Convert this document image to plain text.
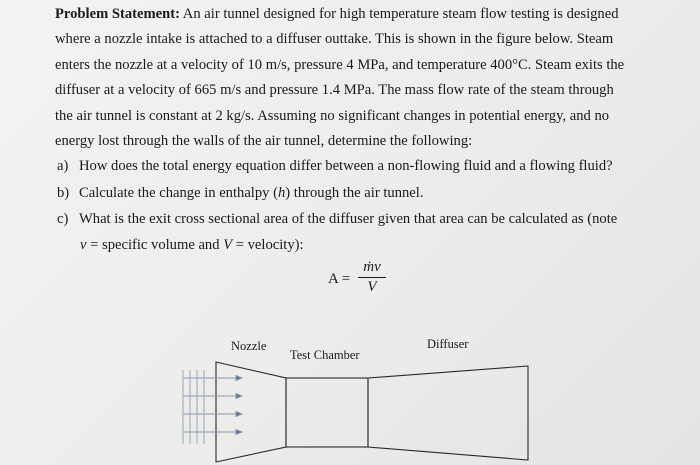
Problem Statement: An air tunnel designed for high temperature steam flow testing is designed
where a nozzle intake is attached to a diffuser outtake. This is shown in the figure below. Steam
enters the nozzle at a velocity of 10 m/s, pressure 4 MPa, and temperature 400°C. Steam exits the
diffuser at a velocity of 665 m/s and pressure 1.4 MPa. The mass flow rate of the steam through
the air tunnel is constant at 2 kg/s. Assuming no significant changes in potential energy, and no
energy lost through the walls of the air tunnel, determine the following:
a) How does the total energy equation differ between a non-flowing fluid and a flowing fluid?
b) Calculate the change in enthalpy (h) through the air tunnel.
c) What is the exit cross sectional area of the diffuser given that area can be calculated as (note
v = specific volume and V = velocity):
$A = \frac{\text{ṁv}}{V}$
Nozzle
Test Chamber
Diffuser
